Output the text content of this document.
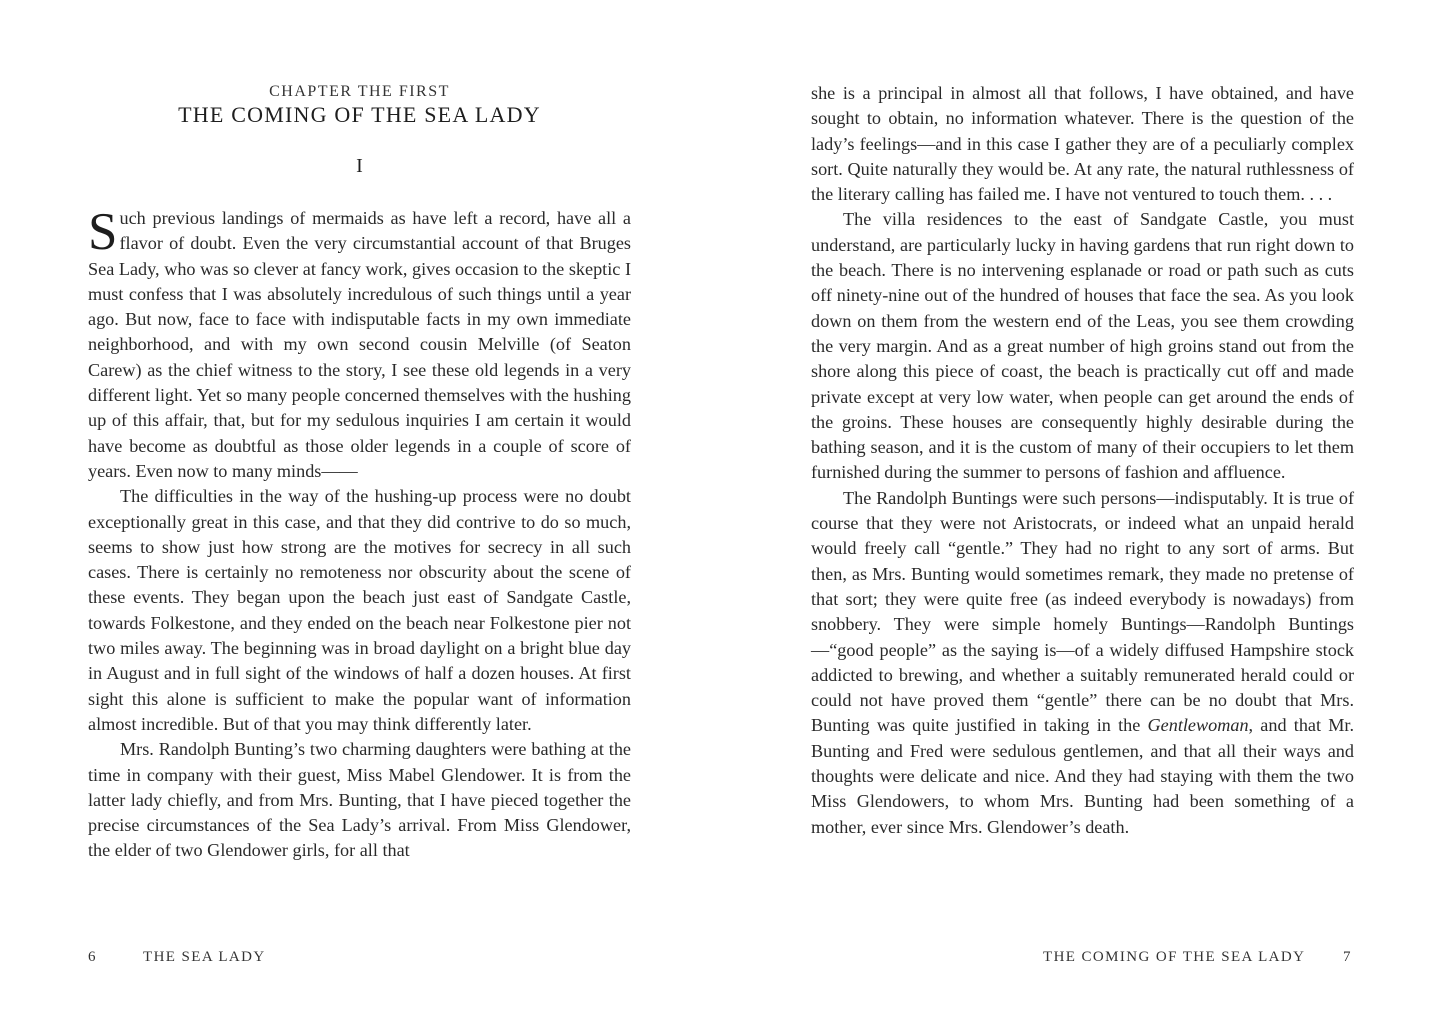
CHAPTER THE FIRST
THE COMING OF THE SEA LADY
I

Such previous landings of mermaids as have left a record, have all a flavor of doubt. Even the very circumstantial account of that Bruges Sea Lady, who was so clever at fancy work, gives occasion to the skeptic I must confess that I was absolutely incredulous of such things until a year ago. But now, face to face with indisputable facts in my own immediate neighborhood, and with my own second cousin Melville (of Seaton Carew) as the chief witness to the story, I see these old legends in a very different light. Yet so many people concerned themselves with the hushing up of this affair, that, but for my sedulous inquiries I am certain it would have become as doubtful as those older legends in a couple of score of years. Even now to many minds——

The difficulties in the way of the hushing-up process were no doubt exceptionally great in this case, and that they did contrive to do so much, seems to show just how strong are the motives for secrecy in all such cases. There is certainly no remoteness nor obscurity about the scene of these events. They began upon the beach just east of Sandgate Castle, towards Folkestone, and they ended on the beach near Folkestone pier not two miles away. The beginning was in broad daylight on a bright blue day in August and in full sight of the windows of half a dozen houses. At first sight this alone is sufficient to make the popular want of information almost incredible. But of that you may think differently later.

Mrs. Randolph Bunting’s two charming daughters were bathing at the time in company with their guest, Miss Mabel Glendower. It is from the latter lady chiefly, and from Mrs. Bunting, that I have pieced together the precise circumstances of the Sea Lady’s arrival. From Miss Glendower, the elder of two Glendower girls, for all that

she is a principal in almost all that follows, I have obtained, and have sought to obtain, no information whatever. There is the question of the lady’s feelings—and in this case I gather they are of a peculiarly complex sort. Quite naturally they would be. At any rate, the natural ruthlessness of the literary calling has failed me. I have not ventured to touch them. . . .

The villa residences to the east of Sandgate Castle, you must understand, are particularly lucky in having gardens that run right down to the beach. There is no intervening esplanade or road or path such as cuts off ninety-nine out of the hundred of houses that face the sea. As you look down on them from the western end of the Leas, you see them crowding the very margin. And as a great number of high groins stand out from the shore along this piece of coast, the beach is practically cut off and made private except at very low water, when people can get around the ends of the groins. These houses are consequently highly desirable during the bathing season, and it is the custom of many of their occupiers to let them furnished during the summer to persons of fashion and affluence.

The Randolph Buntings were such persons—indisputably. It is true of course that they were not Aristocrats, or indeed what an unpaid herald would freely call “gentle.” They had no right to any sort of arms. But then, as Mrs. Bunting would sometimes remark, they made no pretense of that sort; they were quite free (as indeed everybody is nowadays) from snobbery. They were simple homely Buntings—Randolph Buntings—“good people” as the saying is—of a widely diffused Hampshire stock addicted to brewing, and whether a suitably remunerated herald could or could not have proved them “gentle” there can be no doubt that Mrs. Bunting was quite justified in taking in the Gentlewoman, and that Mr. Bunting and Fred were sedulous gentlemen, and that all their ways and thoughts were delicate and nice. And they had staying with them the two Miss Glendowers, to whom Mrs. Bunting had been something of a mother, ever since Mrs. Glendower’s death.

6	THE SEA LADY	THE COMING OF THE SEA LADY	7
